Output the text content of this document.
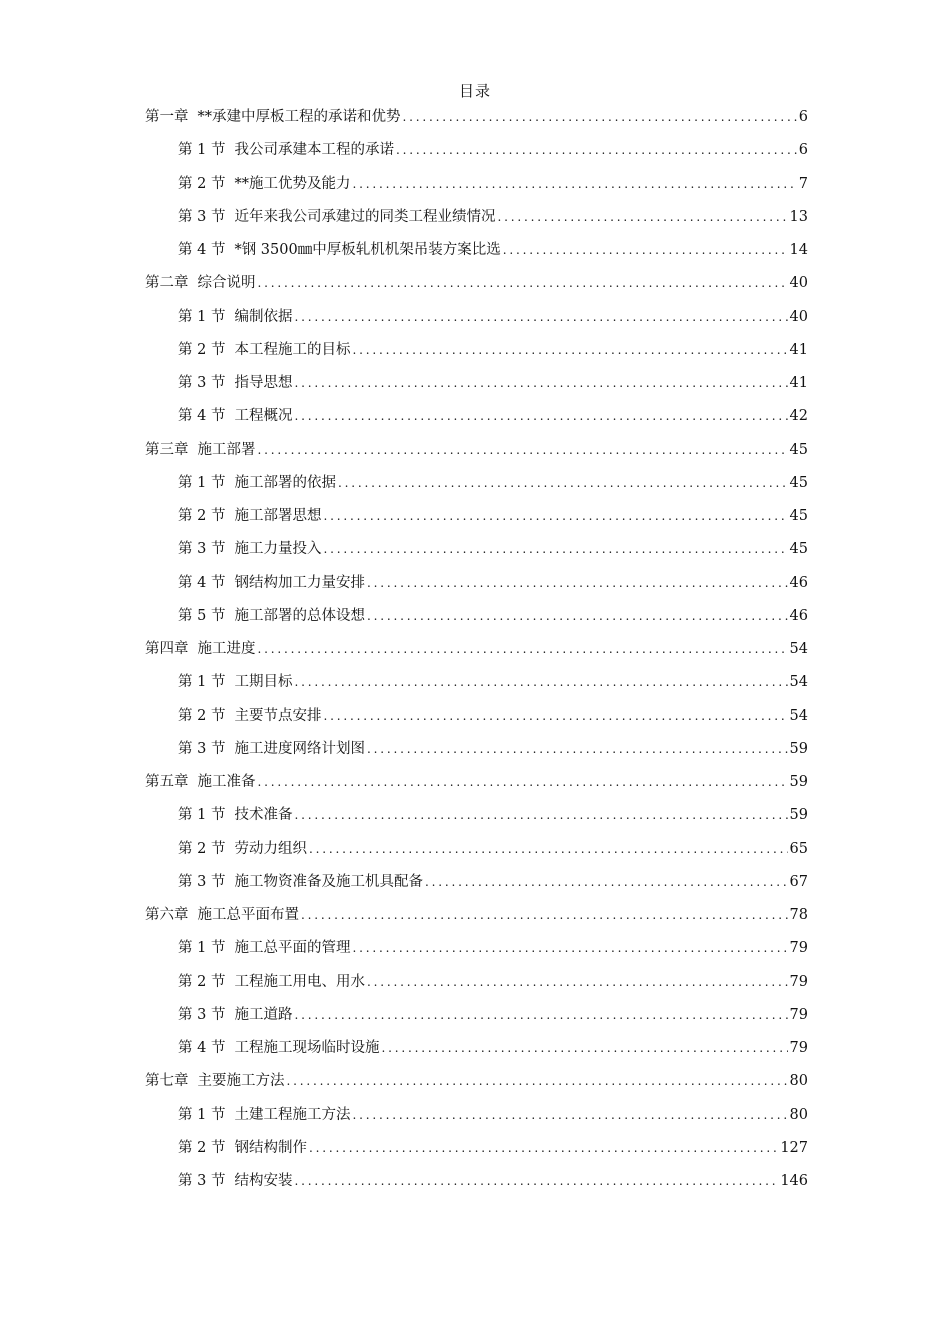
目录
第一章 **承建中厚板工程的承诺和优势 . . .	6
第 1 节 我公司承建本工程的承诺 . . .	6
第 2 节 **施工优势及能力 . . .	7
第 3 节 近年来我公司承建过的同类工程业绩情况 . . .	13
第 4 节 *钢 3500㎜中厚板轧机机架吊装方案比选 . . .	14
第二章 综合说明 . . .	40
第 1 节 编制依据 . . .	40
第 2 节 本工程施工的目标 . . .	41
第 3 节 指导思想 . . .	41
第 4 节 工程概况 . . .	42
第三章 施工部署 . . .	45
第 1 节 施工部署的依据 . . .	45
第 2 节 施工部署思想 . . .	45
第 3 节 施工力量投入 . . .	45
第 4 节 钢结构加工力量安排 . . .	46
第 5 节 施工部署的总体设想 . . .	46
第四章 施工进度 . . .	54
第 1 节 工期目标 . . .	54
第 2 节 主要节点安排 . . .	54
第 3 节 施工进度网络计划图 . . .	59
第五章 施工准备 . . .	59
第 1 节 技术准备 . . .	59
第 2 节 劳动力组织 . . .	65
第 3 节 施工物资准备及施工机具配备 . . .	67
第六章 施工总平面布置 . . .	78
第 1 节 施工总平面的管理 . . .	79
第 2 节 工程施工用电、用水 . . .	79
第 3 节 施工道路 . . .	79
第 4 节 工程施工现场临时设施 . . .	79
第七章 主要施工方法 . . .	80
第 1 节 土建工程施工方法 . . .	80
第 2 节 钢结构制作 . . .	127
第 3 节 结构安装 . . .	146
